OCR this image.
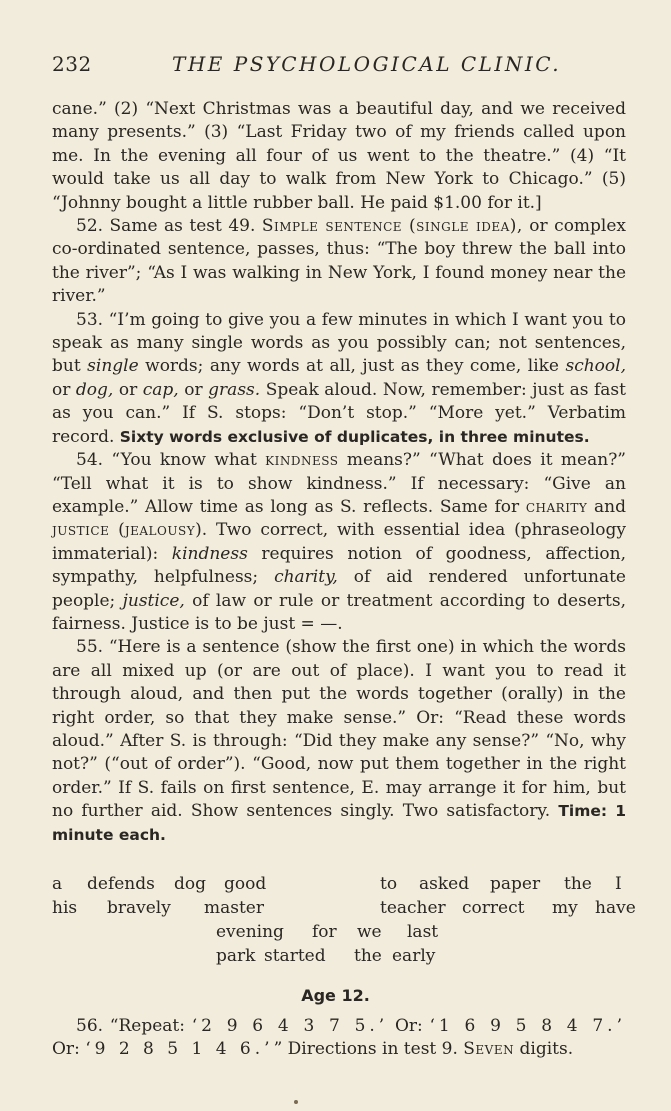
232	THE PSYCHOLOGICAL CLINIC.

cane.” (2) “Next Christmas was a beautiful day, and we received many presents.” (3) “Last Friday two of my friends called upon me. In the evening all four of us went to the theatre.” (4) “It would take us all day to walk from New York to Chicago.” (5) “Johnny bought a little rubber ball. He paid $1.00 for it.]

52. Same as test 49. Simple sentence (single idea), or complex co-ordinated sentence, passes, thus: “The boy threw the ball into the river”; “As I was walking in New York, I found money near the river.”

53. “I’m going to give you a few minutes in which I want you to speak as many single words as you possibly can; not sentences, but single words; any words at all, just as they come, like school, or dog, or cap, or grass. Speak aloud. Now, remember: just as fast as you can.” If S. stops: “Don’t stop.” “More yet.” Verbatim record. Sixty words exclusive of duplicates, in three minutes.

54. “You know what kindness means?” “What does it mean?” “Tell what it is to show kindness.” If necessary: “Give an example.” Allow time as long as S. reflects. Same for charity and justice (jealousy). Two correct, with essential idea (phraseology immaterial): kindness requires notion of goodness, affection, sympathy, helpfulness; charity, of aid rendered unfortunate people; justice, of law or rule or treatment according to deserts, fairness. Justice is to be just = —.

55. “Here is a sentence (show the first one) in which the words are all mixed up (or are out of place). I want you to read it through aloud, and then put the words together (orally) in the right order, so that they make sense.” Or: “Read these words aloud.” After S. is through: “Did they make any sense?” “No, why not?” (“out of order”). “Good, now put them together in the right order.” If S. fails on first sentence, E. may arrange it for him, but no further aid. Show sentences singly. Two satisfactory. Time: 1 minute each.

a defends dog good	to asked paper the I
his bravely master	teacher correct my have
evening for we last
park started the early
Age 12.

56. “Repeat: ‘2 9 6 4 3 7 5.’ Or: ‘1 6 9 5 8 4 7.’ Or: ‘9 2 8 5 1 4 6.’” Directions in test 9. Seven digits.
